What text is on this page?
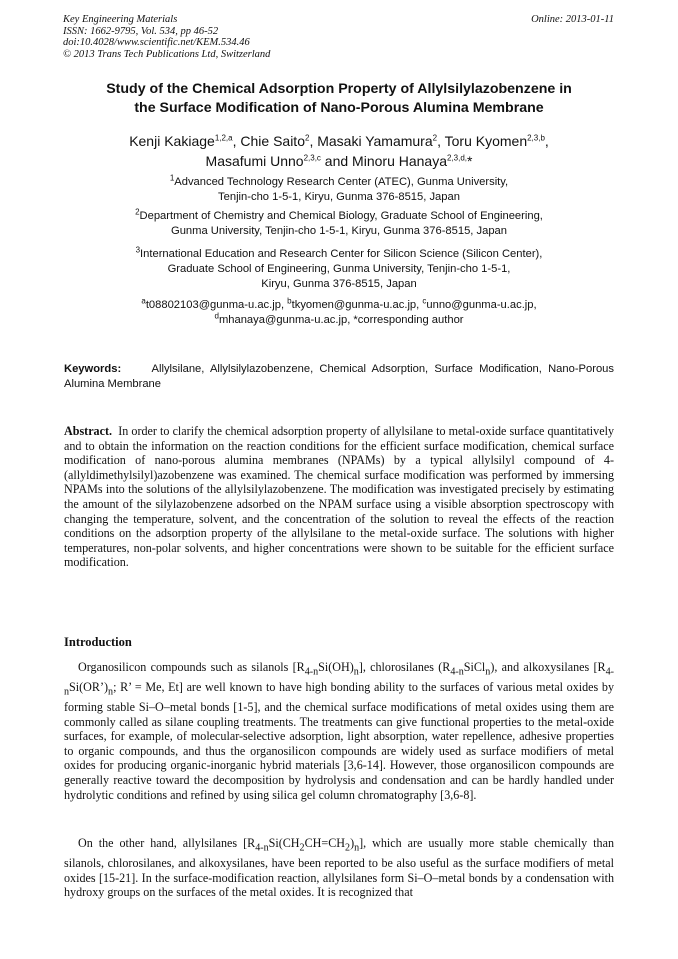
Key Engineering Materials
ISSN: 1662-9795, Vol. 534, pp 46-52
doi:10.4028/www.scientific.net/KEM.534.46
© 2013 Trans Tech Publications Ltd, Switzerland
Online: 2013-01-11
Study of the Chemical Adsorption Property of Allylsilylazobenzene in
the Surface Modification of Nano-Porous Alumina Membrane
Kenji Kakiage$^{1,2,a}$, Chie Saito$^2$, Masaki Yamamura$^2$, Toru Kyomen$^{2,3,b}$,
Masafumi Unno$^{2,3,c}$ and Minoru Hanaya$^{2,3,d,}$*
$^1$Advanced Technology Research Center (ATEC), Gunma University,
Tenjin-cho 1-5-1, Kiryu, Gunma 376-8515, Japan
$^2$Department of Chemistry and Chemical Biology, Graduate School of Engineering,
Gunma University, Tenjin-cho 1-5-1, Kiryu, Gunma 376-8515, Japan
$^3$International Education and Research Center for Silicon Science (Silicon Center),
Graduate School of Engineering, Gunma University, Tenjin-cho 1-5-1,
Kiryu, Gunma 376-8515, Japan
$^a$t08802103@gunma-u.ac.jp, $^b$tkyomen@gunma-u.ac.jp, $^c$unno@gunma-u.ac.jp,
$^d$mhanaya@gunma-u.ac.jp, *corresponding author
Keywords:	Allylsilane, Allylsilylazobenzene, Chemical Adsorption, Surface Modification, Nano-Porous Alumina Membrane
Abstract. In order to clarify the chemical adsorption property of allylsilane to metal-oxide surface quantitatively and to obtain the information on the reaction conditions for the efficient surface modification, chemical surface modification of nano-porous alumina membranes (NPAMs) by a typical allylsilyl compound of 4-(allyldimethylsilyl)azobenzene was examined. The chemical surface modification was performed by immersing NPAMs into the solutions of the allylsilylazobenzene. The modification was investigated precisely by estimating the amount of the silylazobenzene adsorbed on the NPAM surface using a visible absorption spectroscopy with changing the temperature, solvent, and the concentration of the solution to reveal the effects of the reaction conditions on the adsorption property of the allylsilane to the metal-oxide surface. The solutions with higher temperatures, non-polar solvents, and higher concentrations were shown to be suitable for the efficient surface modification.
Introduction
Organosilicon compounds such as silanols $[R_{4-n}Si(OH)_n]$, chlorosilanes $(R_{4-n}SiCl_n)$, and alkoxysilanes [$R_{4-n}Si(OR’)_n$; R’ = Me, Et] are well known to have high bonding ability to the surfaces of various metal oxides by forming stable Si–O–metal bonds [1-5], and the chemical surface modifications of metal oxides using them are commonly called as silane coupling treatments. The treatments can give functional properties to the metal-oxide surfaces, for example, of molecular-selective adsorption, light absorption, water repellence, adhesive properties to organic compounds, and thus the organosilicon compounds are widely used as surface modifiers of metal oxides for producing organic-inorganic hybrid materials [3,6-14]. However, those organosilicon compounds are generally reactive toward the decomposition by hydrolysis and condensation and can be hardly handled under hydrolytic conditions and refined by using silica gel column chromatography [3,6-8].
On the other hand, allylsilanes $[R_{4-n}Si(CH_2CH=CH_2)_n]$, which are usually more stable chemically than silanols, chlorosilanes, and alkoxysilanes, have been reported to be also useful as the surface modifiers of metal oxides [15-21]. In the surface-modification reaction, allylsilanes form Si–O–metal bonds by a condensation with hydroxy groups on the surfaces of the metal oxides. It is recognized that
